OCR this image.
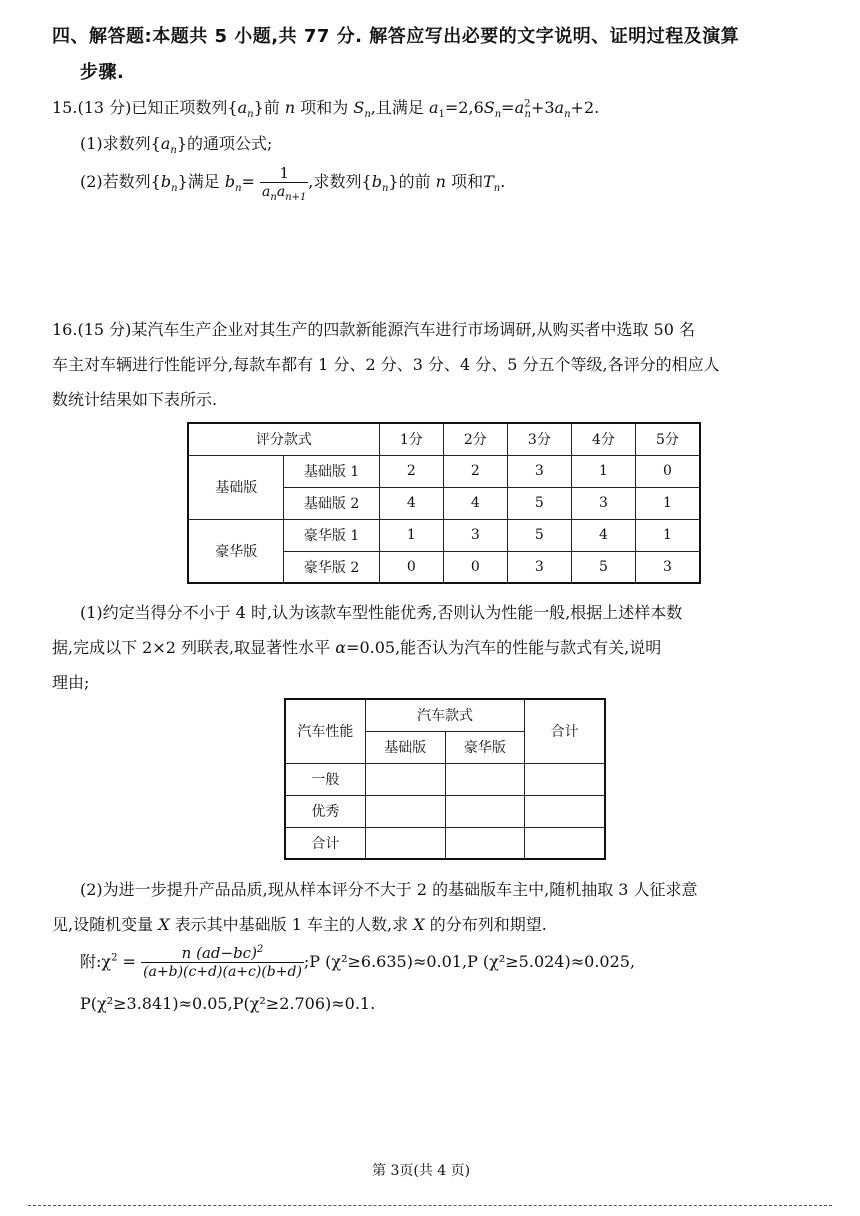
四、解答题:本题共 5 小题,共 77 分. 解答应写出必要的文字说明、证明过程及演算
步骤.
15.(13 分)已知正项数列$\{a_n\}$前 n 项和为 $S_n$,且满足 $a_1=2,6S_n=a^2_n+3a_n+2$.
(1)求数列$\{a_n\}$的通项公式;
(2)若数列$\{b_n\}$满足 $b_n= \frac{1}{a_na_{n+1}}$ ,求数列$\{b_n\}$的前 n 项和$T_n$.
16.(15 分)某汽车生产企业对其生产的四款新能源汽车进行市场调研,从购买者中选取 50 名
车主对车辆进行性能评分,每款车都有 1 分、2 分、3 分、4 分、5 分五个等级,各评分的相应人
数统计结果如下表所示.
评分款式		1分	2分	3分	4分	5分
基础版	基础版 1	2	2	3	1	0
	基础版 2	4	4	5	3	1
豪华版	豪华版 1	1	3	5	4	1
	豪华版 2	0	0	3	5	3
(1)约定当得分不小于 4 时,认为该款车型性能优秀,否则认为性能一般,根据上述样本数
据,完成以下 2×2 列联表,取显著性水平 α=0.05,能否认为汽车的性能与款式有关,说明
理由;
汽车性能	汽车款式		合计
	基础版	豪华版	
一般			
优秀			
合计			
(2)为进一步提升产品品质,现从样本评分不大于 2 的基础版车主中,随机抽取 3 人征求意
见,设随机变量 X 表示其中基础版 1 车主的人数,求 X 的分布列和期望.
附$:\chi^2 = \frac{n (ad-bc)^2}{(a+b)(c+d)(a+c)(b+d)}$ ;P (χ²≥6.635)≈0.01,P (χ²≥5.024)≈0.025,
P(χ²≥3.841)≈0.05,P(χ²≥2.706)≈0.1.
第 3页(共 4 页)
